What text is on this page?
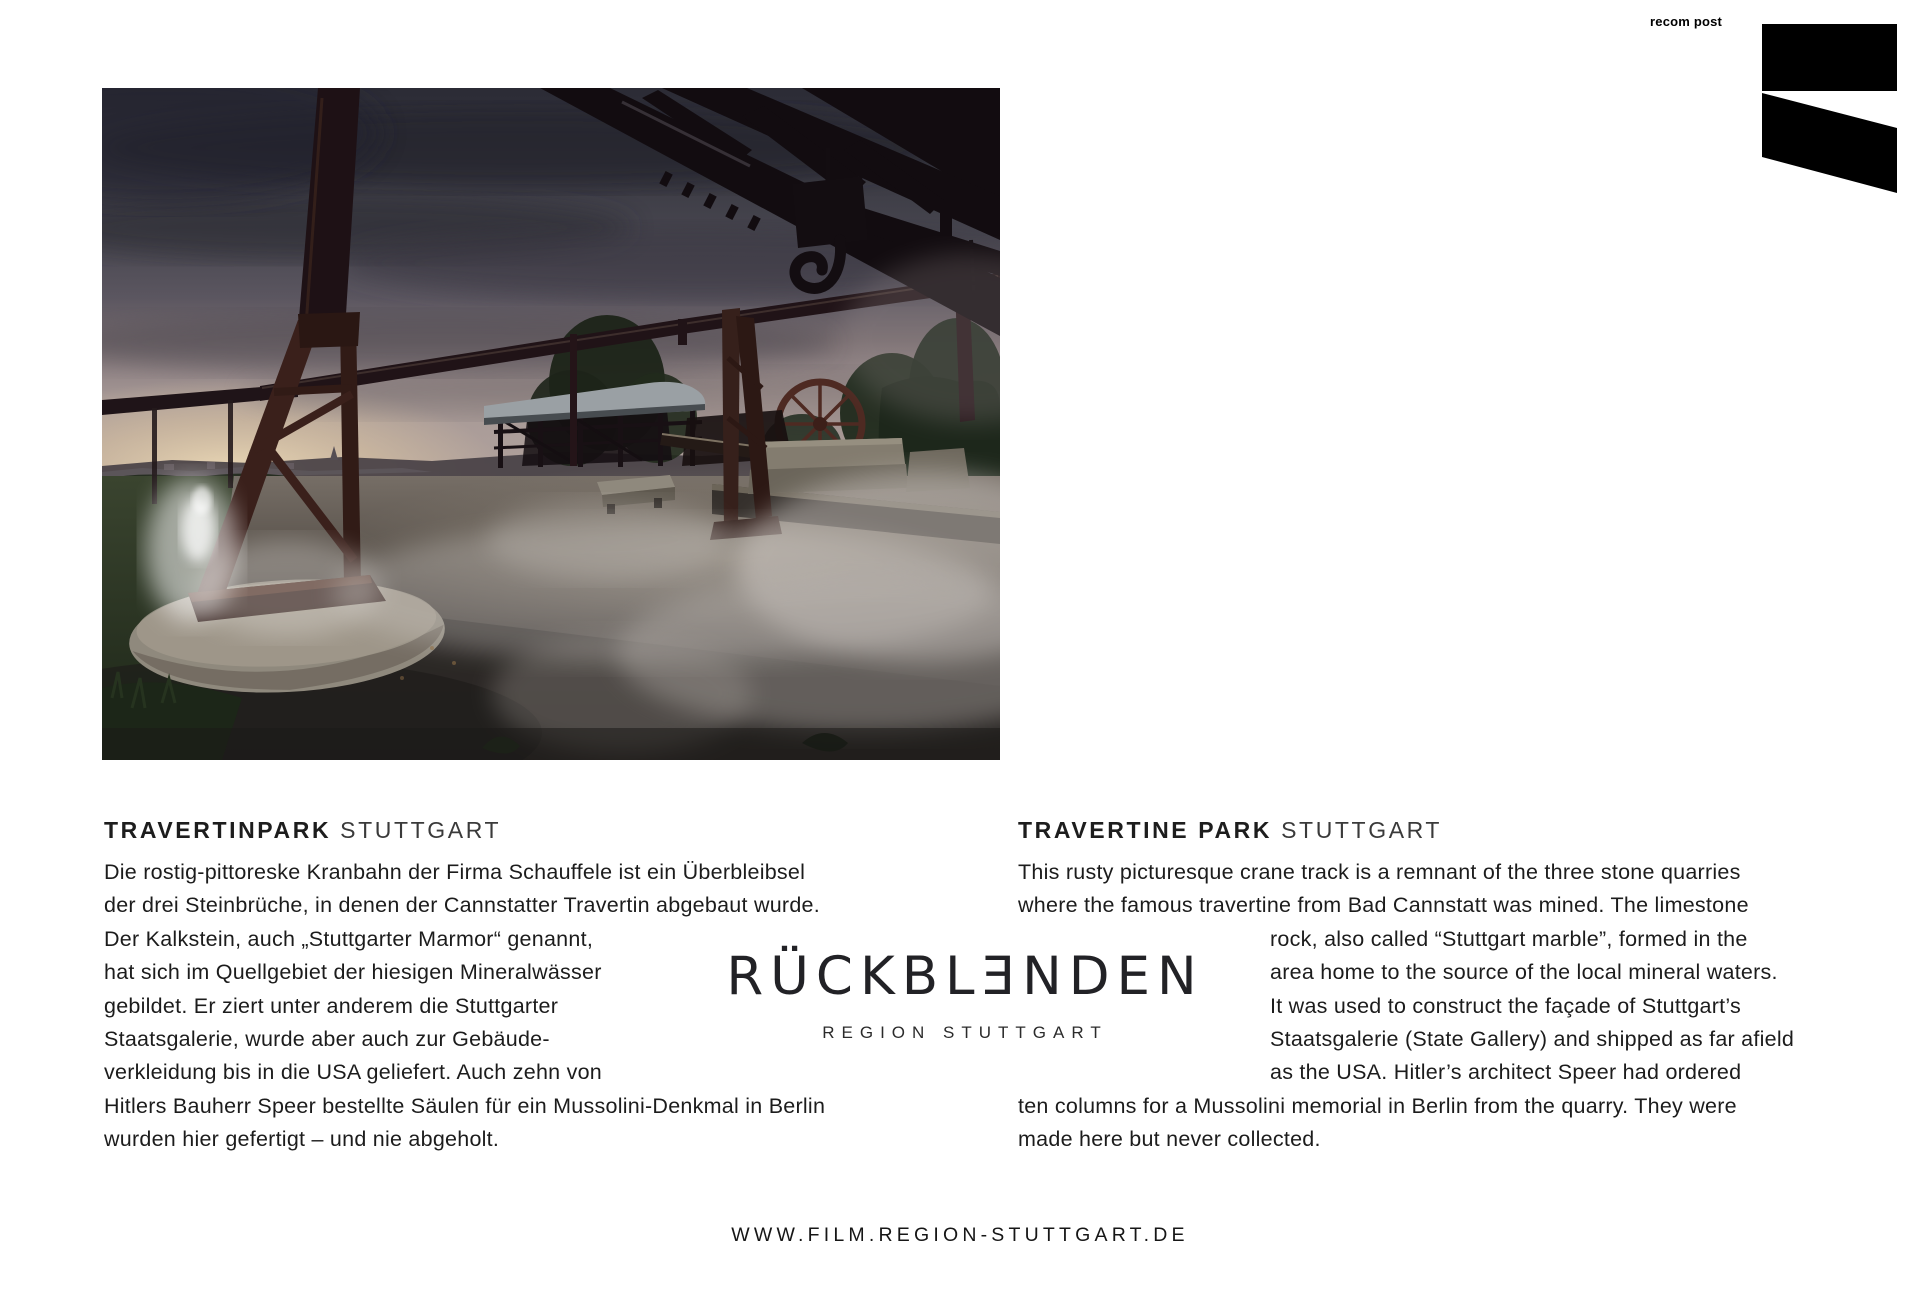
recom post
TRAVERTINPARK STUTTGART
Die rostig-pittoreske Kranbahn der Firma Schauffele ist ein Überbleibsel
der drei Steinbrüche, in denen der Cannstatter Travertin abgebaut wurde.
Der Kalkstein, auch „Stuttgarter Marmor“ genannt,
hat sich im Quellgebiet der hiesigen Mineralwässer
gebildet. Er ziert unter anderem die Stuttgarter
Staatsgalerie, wurde aber auch zur Gebäude-
verkleidung bis in die USA geliefert. Auch zehn von
Hitlers Bauherr Speer bestellte Säulen für ein Mussolini-Denkmal in Berlin
wurden hier gefertigt – und nie abgeholt.
TRAVERTINE PARK STUTTGART
This rusty picturesque crane track is a remnant of the three stone quarries
where the famous travertine from Bad Cannstatt was mined. The limestone
rock, also called “Stuttgart marble”, formed in the
area home to the source of the local mineral waters.
It was used to construct the façade of Stuttgart’s
Staatsgalerie (State Gallery) and shipped as far afield
as the USA. Hitler’s architect Speer had ordered
ten columns for a Mussolini memorial in Berlin from the quarry. They were
made here but never collected.
RÜCKBLƎNDEN
REGION STUTTGART
WWW.FILM.REGION-STUTTGART.DE
